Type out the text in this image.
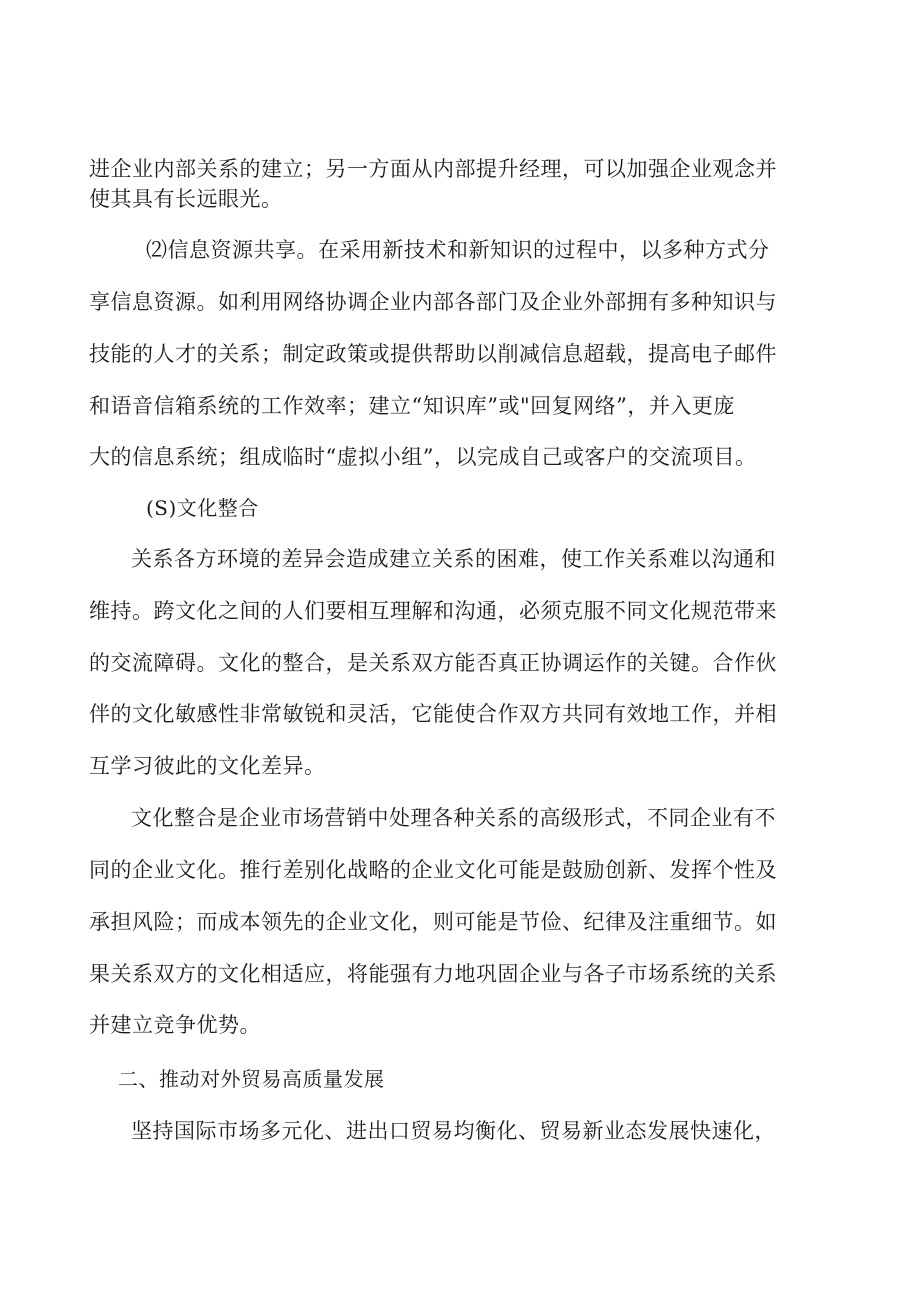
进企业内部关系的建立；另一方面从内部提升经理，可以加强企业观念并
使其具有长远眼光。
⑵信息资源共享。在采用新技术和新知识的过程中，以多种方式分
享信息资源。如利用网络协调企业内部各部门及企业外部拥有多种知识与
技能的人才的关系；制定政策或提供帮助以削减信息超载，提高电子邮件
和语音信箱系统的工作效率；建立“知识库”或"回复网络”，并入更庞
大的信息系统；组成临时“虚拟小组”，以完成自己或客户的交流项目。
(S)文化整合
关系各方环境的差异会造成建立关系的困难，使工作关系难以沟通和
维持。跨文化之间的人们要相互理解和沟通，必须克服不同文化规范带来
的交流障碍。文化的整合，是关系双方能否真正协调运作的关键。合作伙
伴的文化敏感性非常敏锐和灵活，它能使合作双方共同有效地工作，并相
互学习彼此的文化差异。
文化整合是企业市场营销中处理各种关系的高级形式，不同企业有不
同的企业文化。推行差别化战略的企业文化可能是鼓励创新、发挥个性及
承担风险；而成本领先的企业文化，则可能是节俭、纪律及注重细节。如
果关系双方的文化相适应，将能强有力地巩固企业与各子市场系统的关系
并建立竞争优势。
二、推动对外贸易高质量发展
坚持国际市场多元化、进出口贸易均衡化、贸易新业态发展快速化，
